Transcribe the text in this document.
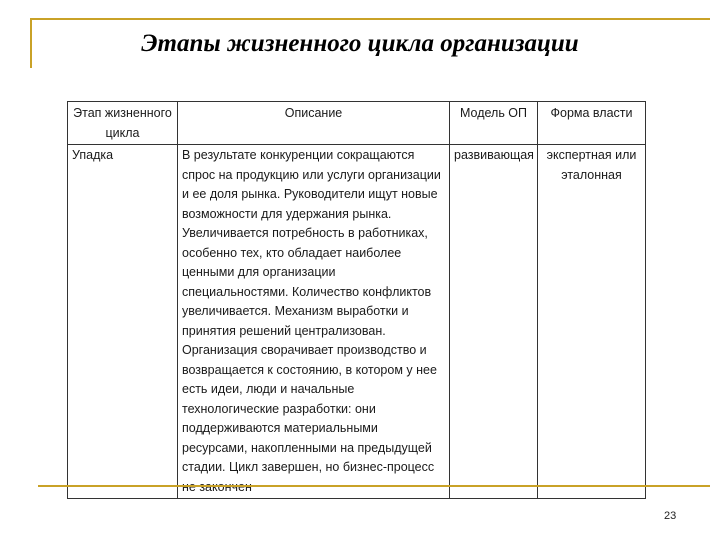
Этапы жизненного цикла организации
Этап жизненного цикла	Описание	Модель ОП	Форма власти
Упадка	В результате конкуренции сокращаются спрос на продукцию или услуги организации и ее доля рынка. Руководители ищут новые возможности для удержания рынка. Увеличивается потребность в работниках, особенно тех, кто обладает наиболее ценными для организации специальностями. Количество конфликтов увеличивается. Механизм выработки и принятия решений централизован. Организация сворачивает производство и возвращается к состоянию, в котором у нее есть идеи, люди и начальные технологические разработки: они поддерживаются материальными ресурсами, накопленными на предыдущей стадии. Цикл завершен, но бизнес-процесс	развивающая	экспертная или эталонная
23
